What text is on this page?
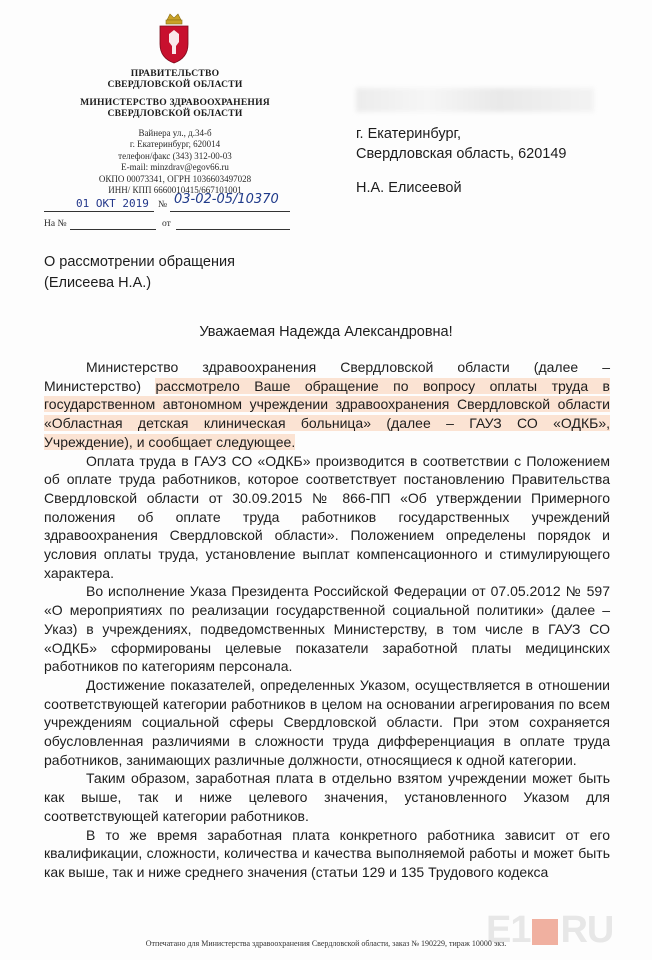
ПРАВИТЕЛЬСТВО
СВЕРДЛОВСКОЙ ОБЛАСТИ
МИНИСТЕРСТВО ЗДРАВООХРАНЕНИЯ
СВЕРДЛОВСКОЙ ОБЛАСТИ
Вайнера ул., д.34-б
г. Екатеринбург, 620014
телефон/факс (343) 312-00-03
E-mail: minzdrav@egov66.ru
ОКПО 00073341, ОГРН 1036603497028
ИНН/ КПП 6660010415/667101001
01 ОКТ 2019 № 03-02-05/10370
На №	от
г. Екатеринбург,
Свердловская область, 620149
Н.А. Елисеевой
О рассмотрении обращения
(Елисеева Н.А.)
Уважаемая Надежда Александровна!

Министерство здравоохранения Свердловской области (далее – Министерство) рассмотрело Ваше обращение по вопросу оплаты труда в государственном автономном учреждении здравоохранения Свердловской области «Областная детская клиническая больница» (далее – ГАУЗ СО «ОДКБ», Учреждение), и сообщает следующее.

Оплата труда в ГАУЗ СО «ОДКБ» производится в соответствии с Положением об оплате труда работников, которое соответствует постановлению Правительства Свердловской области от 30.09.2015 № 866-ПП «Об утверждении Примерного положения об оплате труда работников государственных учреждений здравоохранения Свердловской области». Положением определены порядок и условия оплаты труда, установление выплат компенсационного и стимулирующего характера.

Во исполнение Указа Президента Российской Федерации от 07.05.2012 № 597 «О мероприятиях по реализации государственной социальной политики» (далее – Указ) в учреждениях, подведомственных Министерству, в том числе в ГАУЗ СО «ОДКБ» сформированы целевые показатели заработной платы медицинских работников по категориям персонала.

Достижение показателей, определенных Указом, осуществляется в отношении соответствующей категории работников в целом на основании агрегирования по всем учреждениям социальной сферы Свердловской области. При этом сохраняется обусловленная различиями в сложности труда дифференциация в оплате труда работников, занимающих различные должности, относящиеся к одной категории.

Таким образом, заработная плата в отдельно взятом учреждении может быть как выше, так и ниже целевого значения, установленного Указом для соответствующей категории работников.

В то же время заработная плата конкретного работника зависит от его квалификации, сложности, количества и качества выполняемой работы и может быть как выше, так и ниже среднего значения (статьи 129 и 135 Трудового кодекса

E1 RU
Отпечатано для Министерства здравоохранения Свердловской области, заказ № 190229, тираж 10000 экз.
